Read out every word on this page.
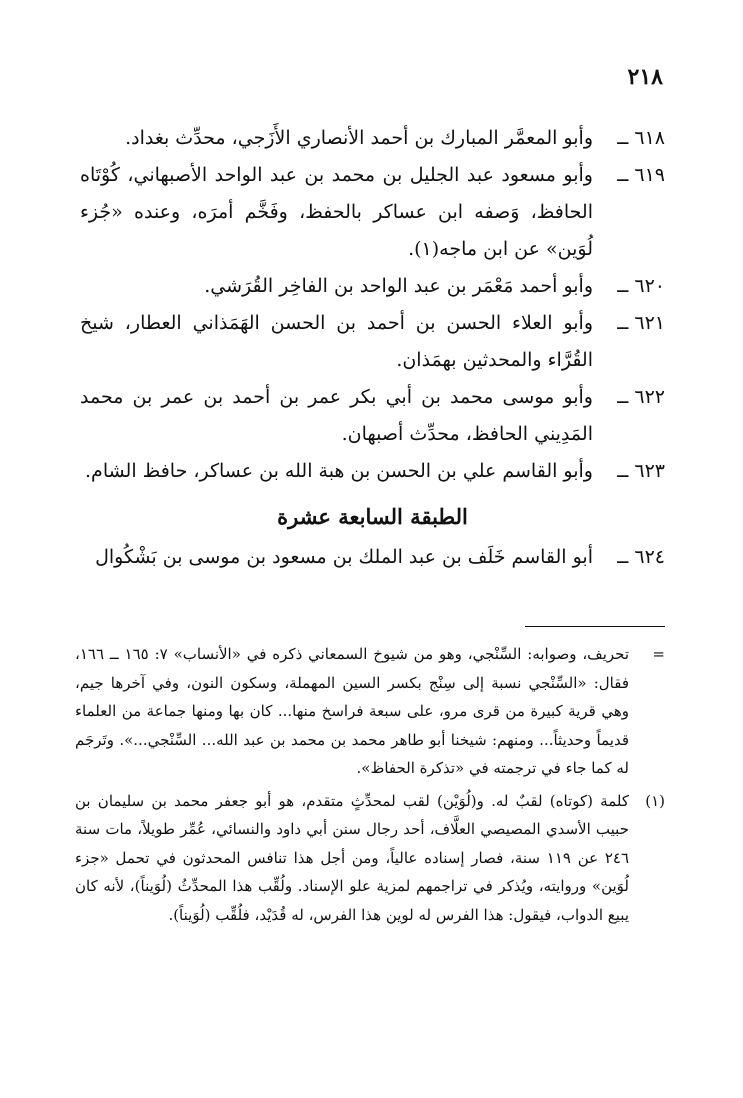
٢١٨
٦١٨ ــ
وأبو المعمَّر المبارك بن أحمد الأنصاري الأَزَجي، محدِّث بغداد.
٦١٩ ــ
وأبو مسعود عبد الجليل بن محمد بن عبد الواحد الأصبهاني، كُوْتَاه الحافظ، وَصفه ابن عساكر بالحفظ، وفَخَّم أمرَه، وعنده «جُزء لُوَين» عن ابن ماجه(١).
٦٢٠ ــ
وأبو أحمد مَعْمَر بن عبد الواحد بن الفاخِر القُرَشي.
٦٢١ ــ
وأبو العلاء الحسن بن أحمد بن الحسن الهَمَذاني العطار، شيخ القُرَّاء والمحدثين بهمَذان.
٦٢٢ ــ
وأبو موسى محمد بن أبي بكر عمر بن أحمد بن عمر بن محمد المَدِيني الحافظ، محدِّث أصبهان.
٦٢٣ ــ
وأبو القاسم علي بن الحسن بن هبة الله بن عساكر، حافظ الشام.
الطبقة السابعة عشرة
٦٢٤ ــ
أبو القاسم خَلَف بن عبد الملك بن مسعود بن موسى بن بَشْكُوال
=
تحريف، وصوابه: السِّنْجي، وهو من شيوخ السمعاني ذكره في «الأنساب» ٧: ١٦٥ ــ ١٦٦، فقال: «السِّنْجي نسبة إلى سِنْج بكسر السين المهملة، وسكون النون، وفي آخرها جيم، وهي قرية كبيرة من قرى مرو، على سبعة فراسخ منها... كان بها ومنها جماعة من العلماء قديماً وحديثاً... ومنهم: شيخنا أبو طاهر محمد بن محمد بن عبد الله... السِّنْجي...». وتَرجَم له كما جاء في ترجمته في «تذكرة الحفاظ».
(١)
كلمة (كوتاه) لقبٌ له. و(لُوَيْن) لقب لمحدِّثٍ متقدم، هو أبو جعفر محمد بن سليمان بن حبيب الأسدي المصيصي العلَّاف، أحد رجال سنن أبي داود والنسائي، عُمِّر طويلاً، مات سنة ٢٤٦ عن ١١٩ سنة، فصار إسناده عالياً، ومن أجل هذا تنافس المحدثون في تحمل «جزء لُوَين» وروايته، ويُذكر في تراجمهم لمزية علو الإسناد. ولُقِّب هذا المحدِّثُ (لُوَيناً)، لأنه كان يبيع الدواب، فيقول: هذا الفرس له لوين هذا الفرس، له قُدَيْد، فلُقِّب (لُوَيناً).
